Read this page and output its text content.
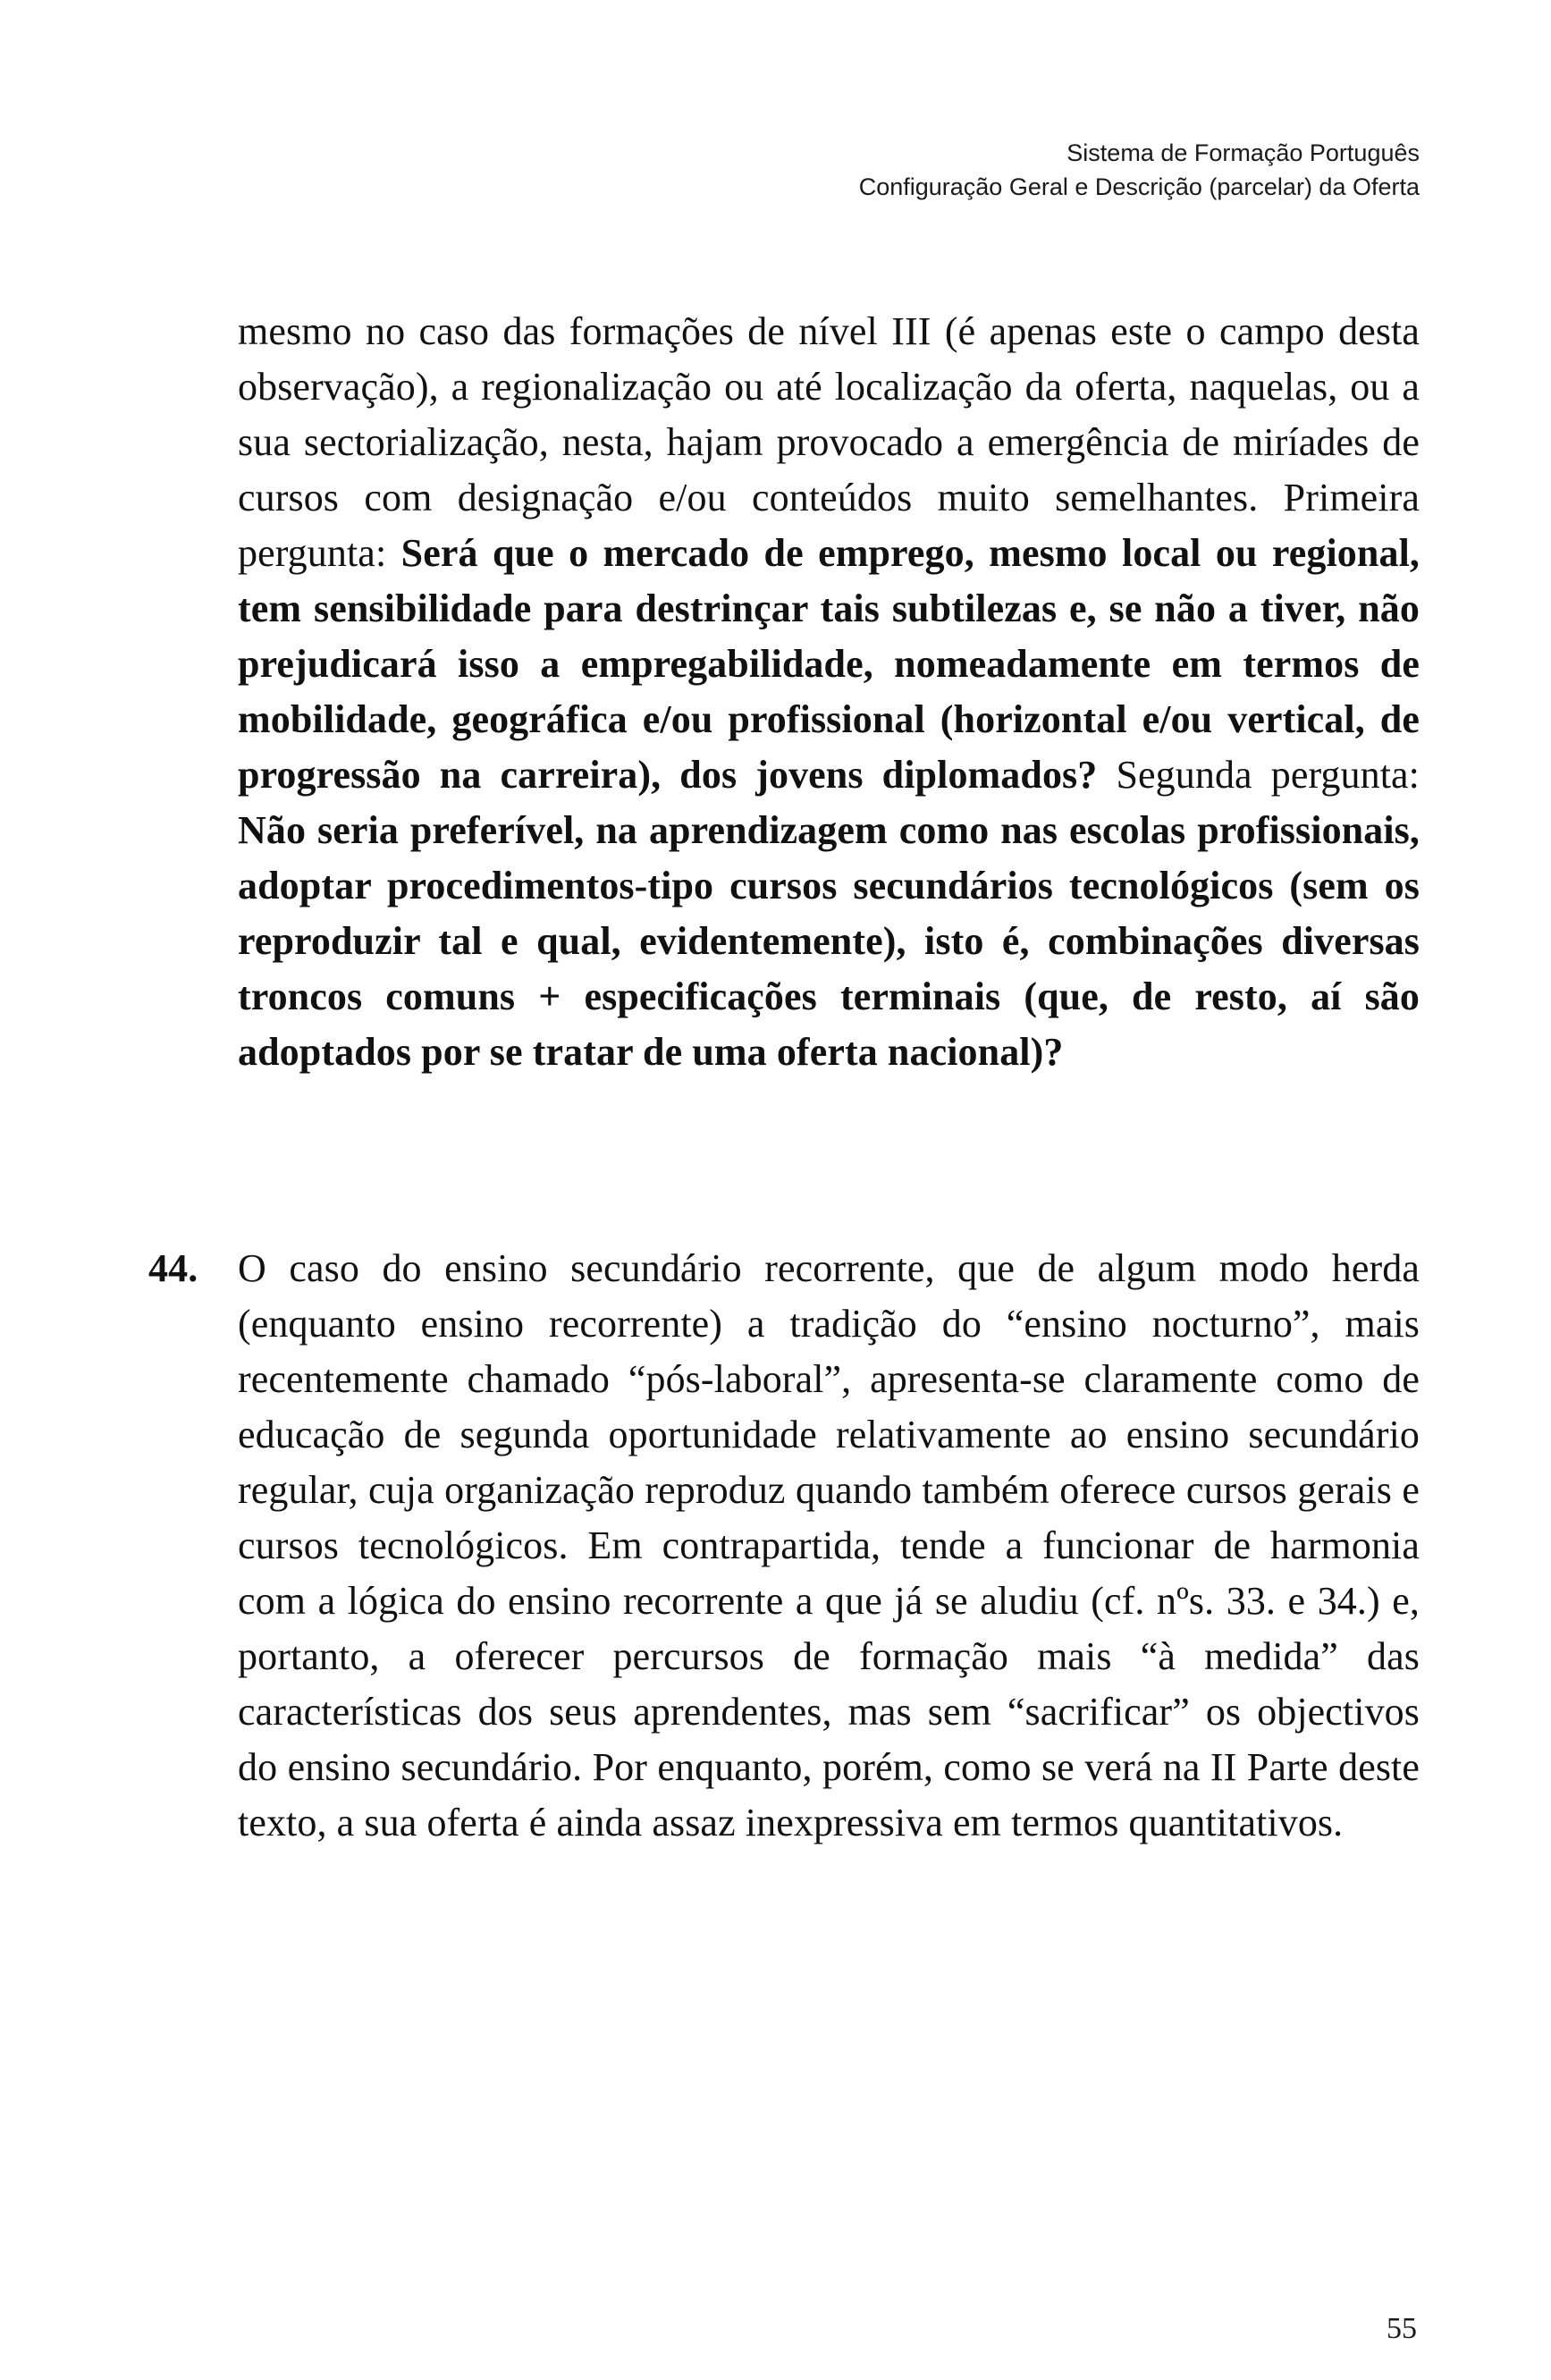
Sistema de Formação Português
Configuração Geral e Descrição (parcelar) da Oferta
mesmo no caso das formações de nível III (é apenas este o campo desta observação), a regionalização ou até localização da oferta, naquelas, ou a sua sectorialização, nesta, hajam provocado a emergência de miríades de cursos com designação e/ou conteúdos muito semelhantes. Primeira pergunta: Será que o mercado de emprego, mesmo local ou regional, tem sensibilidade para destrinçar tais subtilezas e, se não a tiver, não prejudicará isso a empregabilidade, nomeadamente em termos de mobilidade, geográfica e/ou profissional (horizontal e/ou vertical, de progressão na carreira), dos jovens diplomados? Segunda pergunta: Não seria preferível, na aprendizagem como nas escolas profissionais, adoptar procedimentos-tipo cursos secundários tecnológicos (sem os reproduzir tal e qual, evidentemente), isto é, combinações diversas troncos comuns + especificações terminais (que, de resto, aí são adoptados por se tratar de uma oferta nacional)?
44. O caso do ensino secundário recorrente, que de algum modo herda (enquanto ensino recorrente) a tradição do “ensino nocturno”, mais recentemente chamado “pós-laboral”, apresenta-se claramente como de educação de segunda oportunidade relativamente ao ensino secundário regular, cuja organização reproduz quando também oferece cursos gerais e cursos tecnológicos. Em contrapartida, tende a funcionar de harmonia com a lógica do ensino recorrente a que já se aludiu (cf. nºs. 33. e 34.) e, portanto, a oferecer percursos de formação mais “à medida” das características dos seus aprendentes, mas sem “sacrificar” os objectivos do ensino secundário. Por enquanto, porém, como se verá na II Parte deste texto, a sua oferta é ainda assaz inexpressiva em termos quantitativos.
55
